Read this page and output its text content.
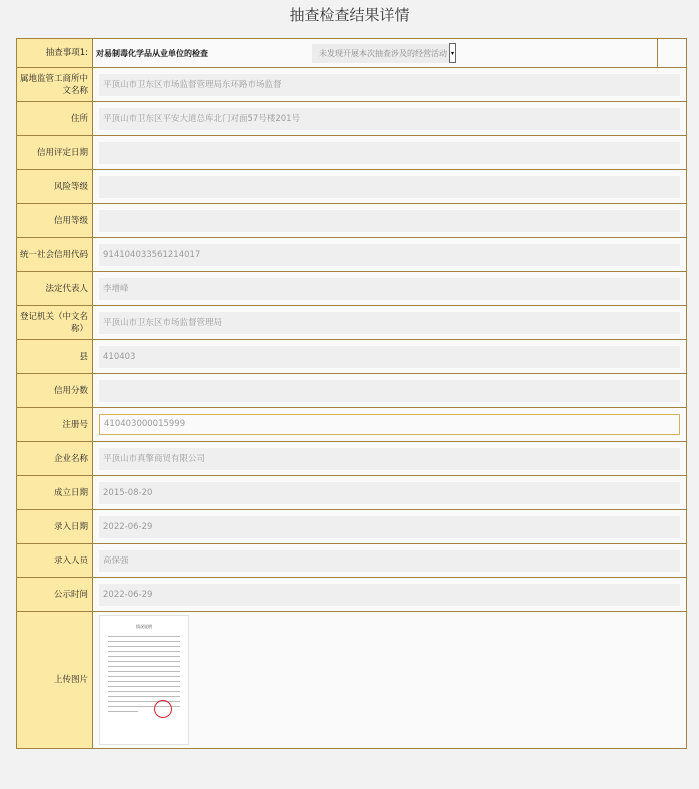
抽查检查结果详情
抽查事项1:	对易制毒化学品从业单位的检查	未发现开展本次抽查涉及的经营活动 ▾

属地监管工商所中文名称	平顶山市卫东区市场监督管理局东环路市场监督

住所	平顶山市卫东区平安大道总库北门对面57号楼201号

信用评定日期	

风险等级	

信用等级	

统一社会信用代码	914104033561214017

法定代表人	李增峰

登记机关（中文名称）	平顶山市卫东区市场监督管理局

县	410403

信用分数	

注册号	410403000015999

企业名称	平顶山市真擎商贸有限公司

成立日期	2015-08-20

录入日期	2022-06-29

录入人员	高保强

公示时间	2022-06-29

上传图片	情况说明
